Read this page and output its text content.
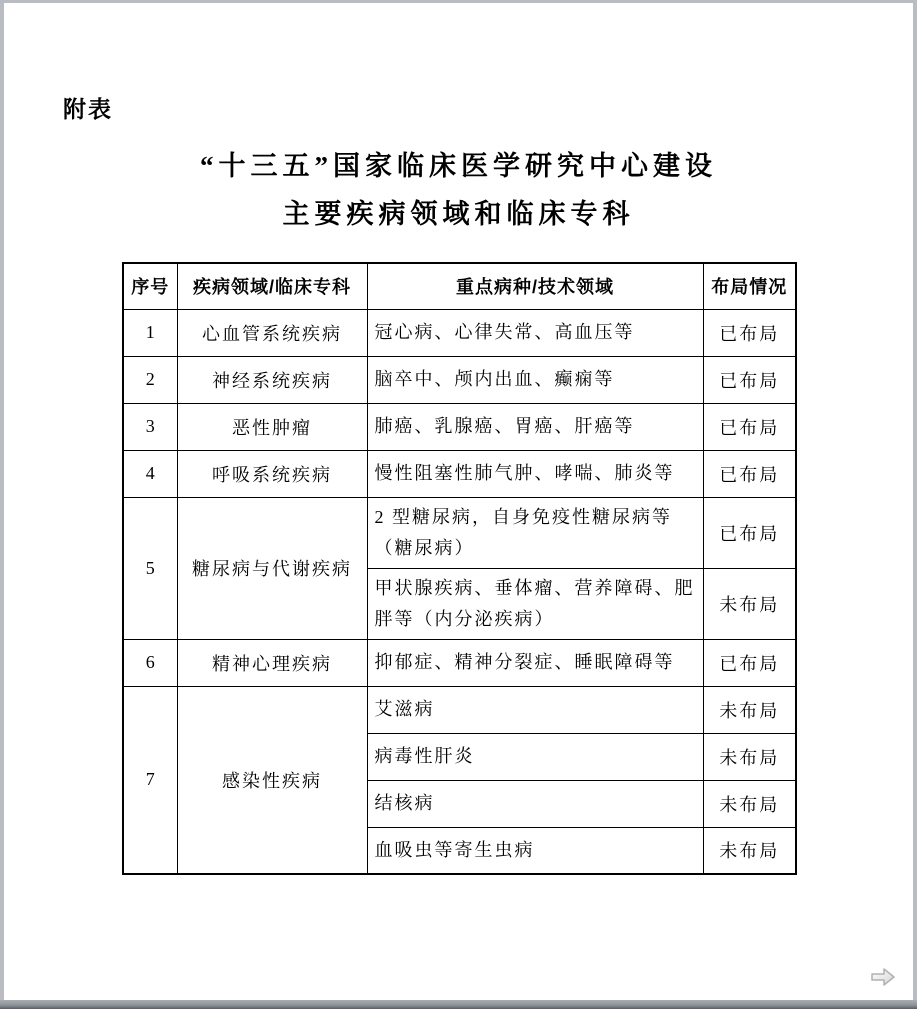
附表
“十三五”国家临床医学研究中心建设
主要疾病领域和临床专科
序号	疾病领域/临床专科	重点病种/技术领域	布局情况
1	心血管系统疾病	冠心病、心律失常、高血压等	已布局
2	神经系统疾病	脑卒中、颅内出血、癫痫等	已布局
3	恶性肿瘤	肺癌、乳腺癌、胃癌、肝癌等	已布局
4	呼吸系统疾病	慢性阻塞性肺气肿、哮喘、肺炎等	已布局
5	糖尿病与代谢疾病	2 型糖尿病，自身免疫性糖尿病等（糖尿病）	已布局
		甲状腺疾病、垂体瘤、营养障碍、肥胖等（内分泌疾病）	未布局
6	精神心理疾病	抑郁症、精神分裂症、睡眠障碍等	已布局
7	感染性疾病	艾滋病	未布局
		病毒性肝炎	未布局
		结核病	未布局
		血吸虫等寄生虫病	未布局
